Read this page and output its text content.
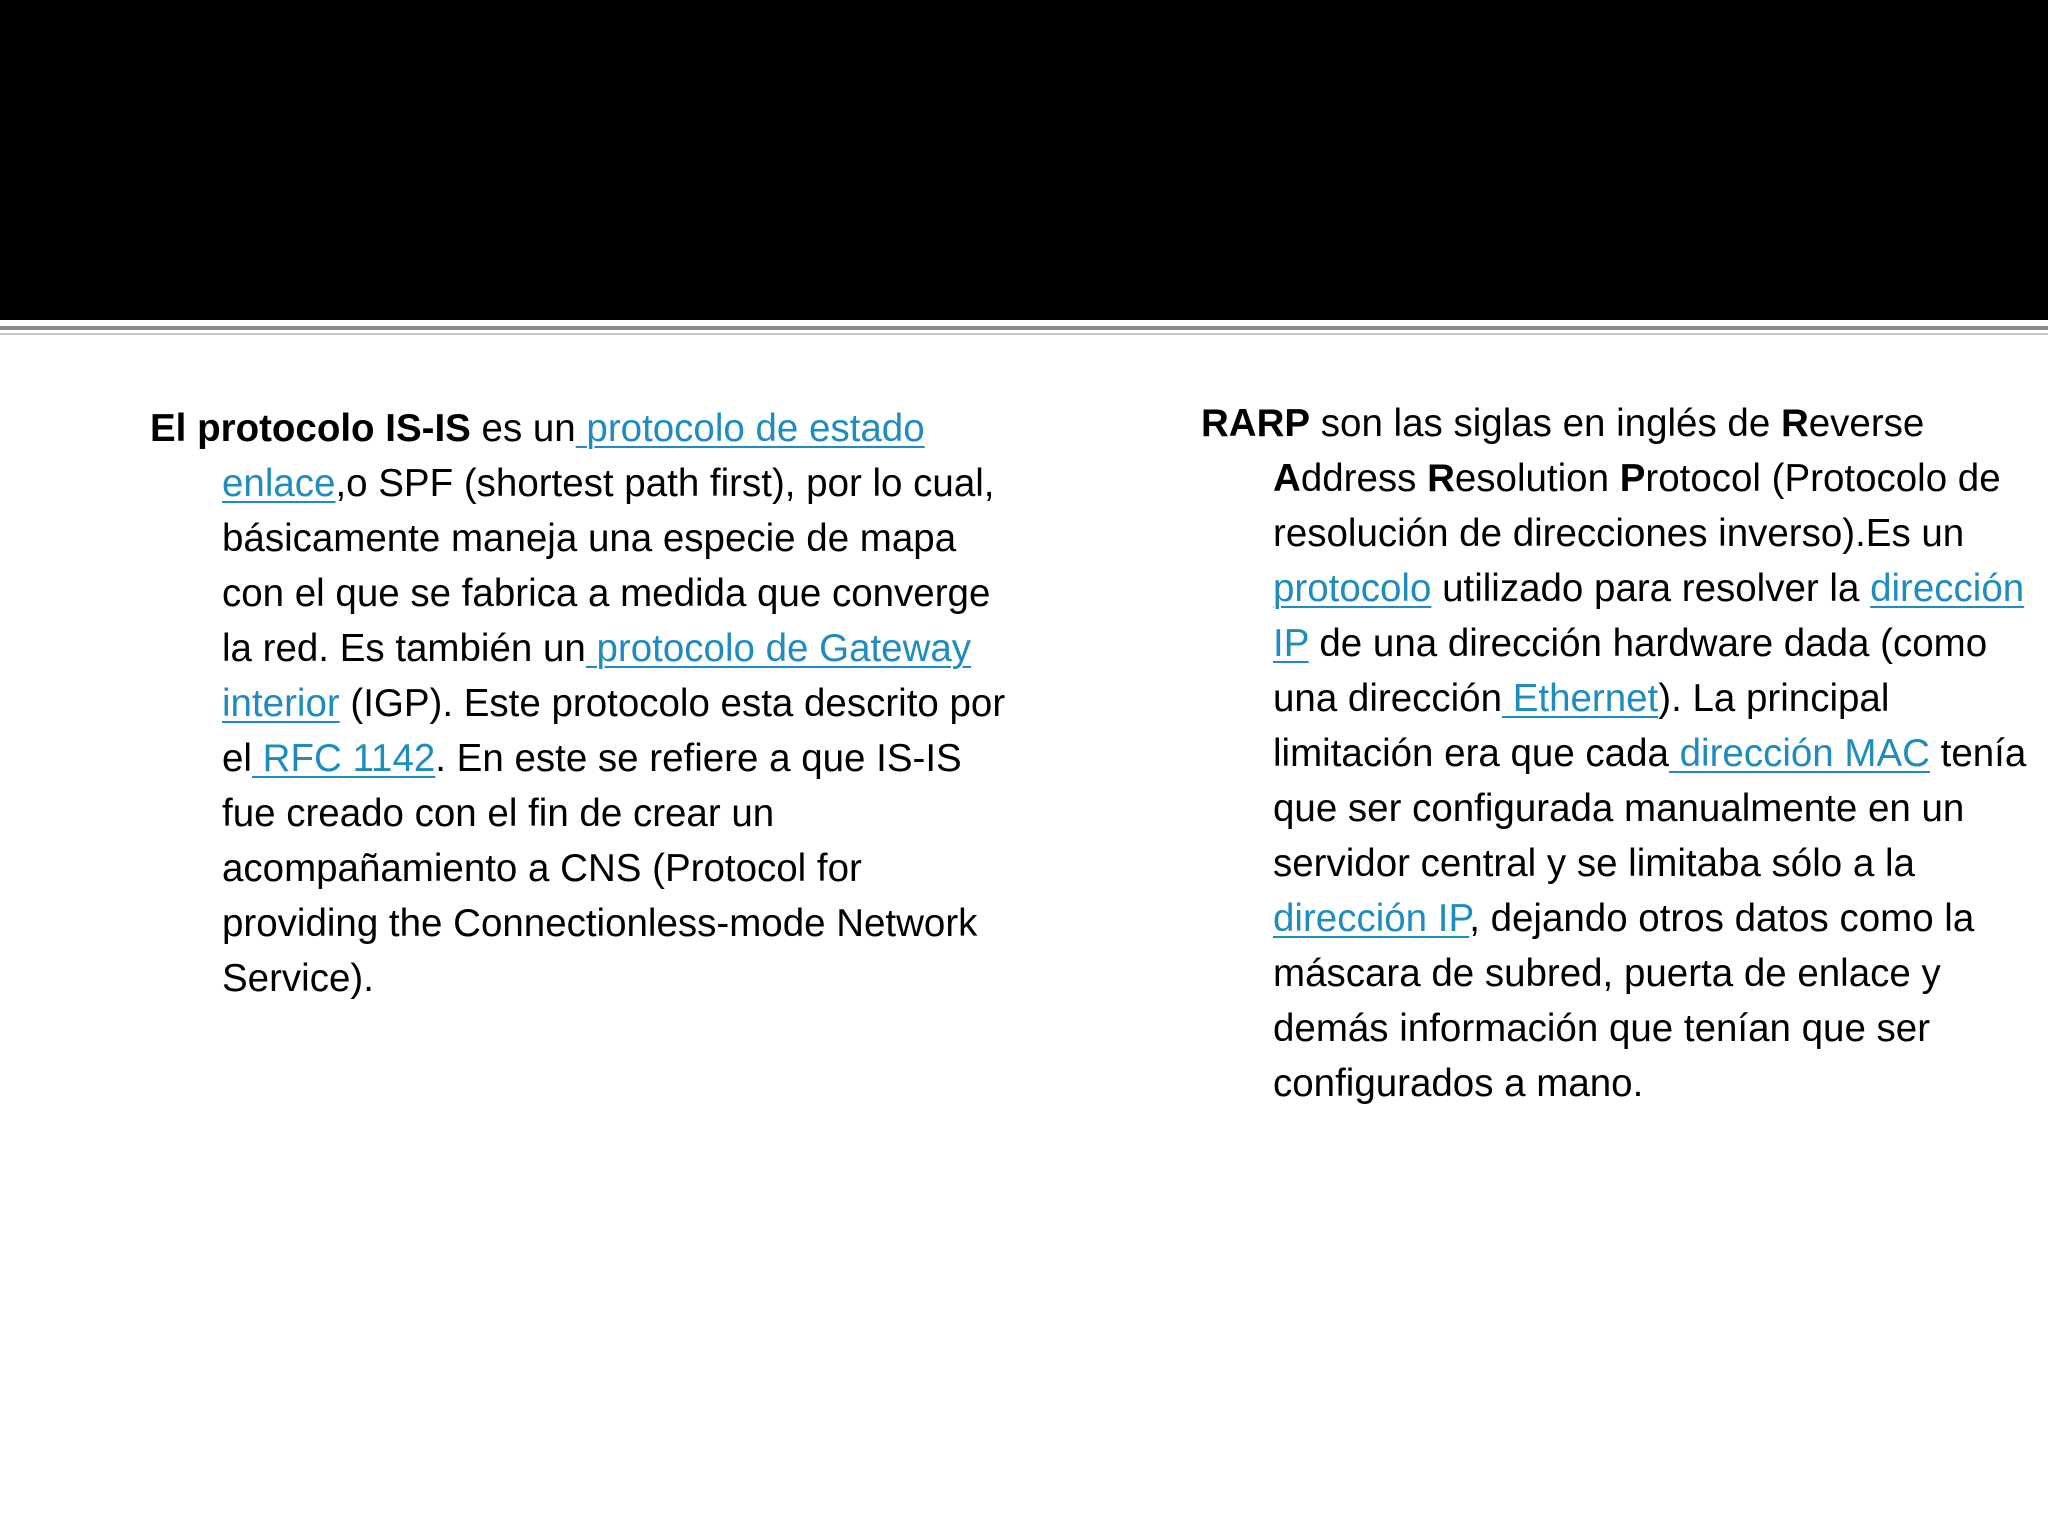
El protocolo IS-IS es un protocolo de estado enlace,o SPF (shortest path first), por lo cual, básicamente maneja una especie de mapa con el que se fabrica a medida que converge la red. Es también un protocolo de Gateway interior (IGP). Este protocolo esta descrito por el RFC 1142. En este se refiere a que IS-IS fue creado con el fin de crear un acompañamiento a CNS (Protocol for providing the Connectionless-mode Network Service).
RARP son las siglas en inglés de Reverse Address Resolution Protocol (Protocolo de resolución de direcciones inverso).Es un protocolo utilizado para resolver la dirección IP de una dirección hardware dada (como una dirección Ethernet). La principal limitación era que cada dirección MAC tenía que ser configurada manualmente en un servidor central y se limitaba sólo a la dirección IP, dejando otros datos como la máscara de subred, puerta de enlace y demás información que tenían que ser configurados a mano.
